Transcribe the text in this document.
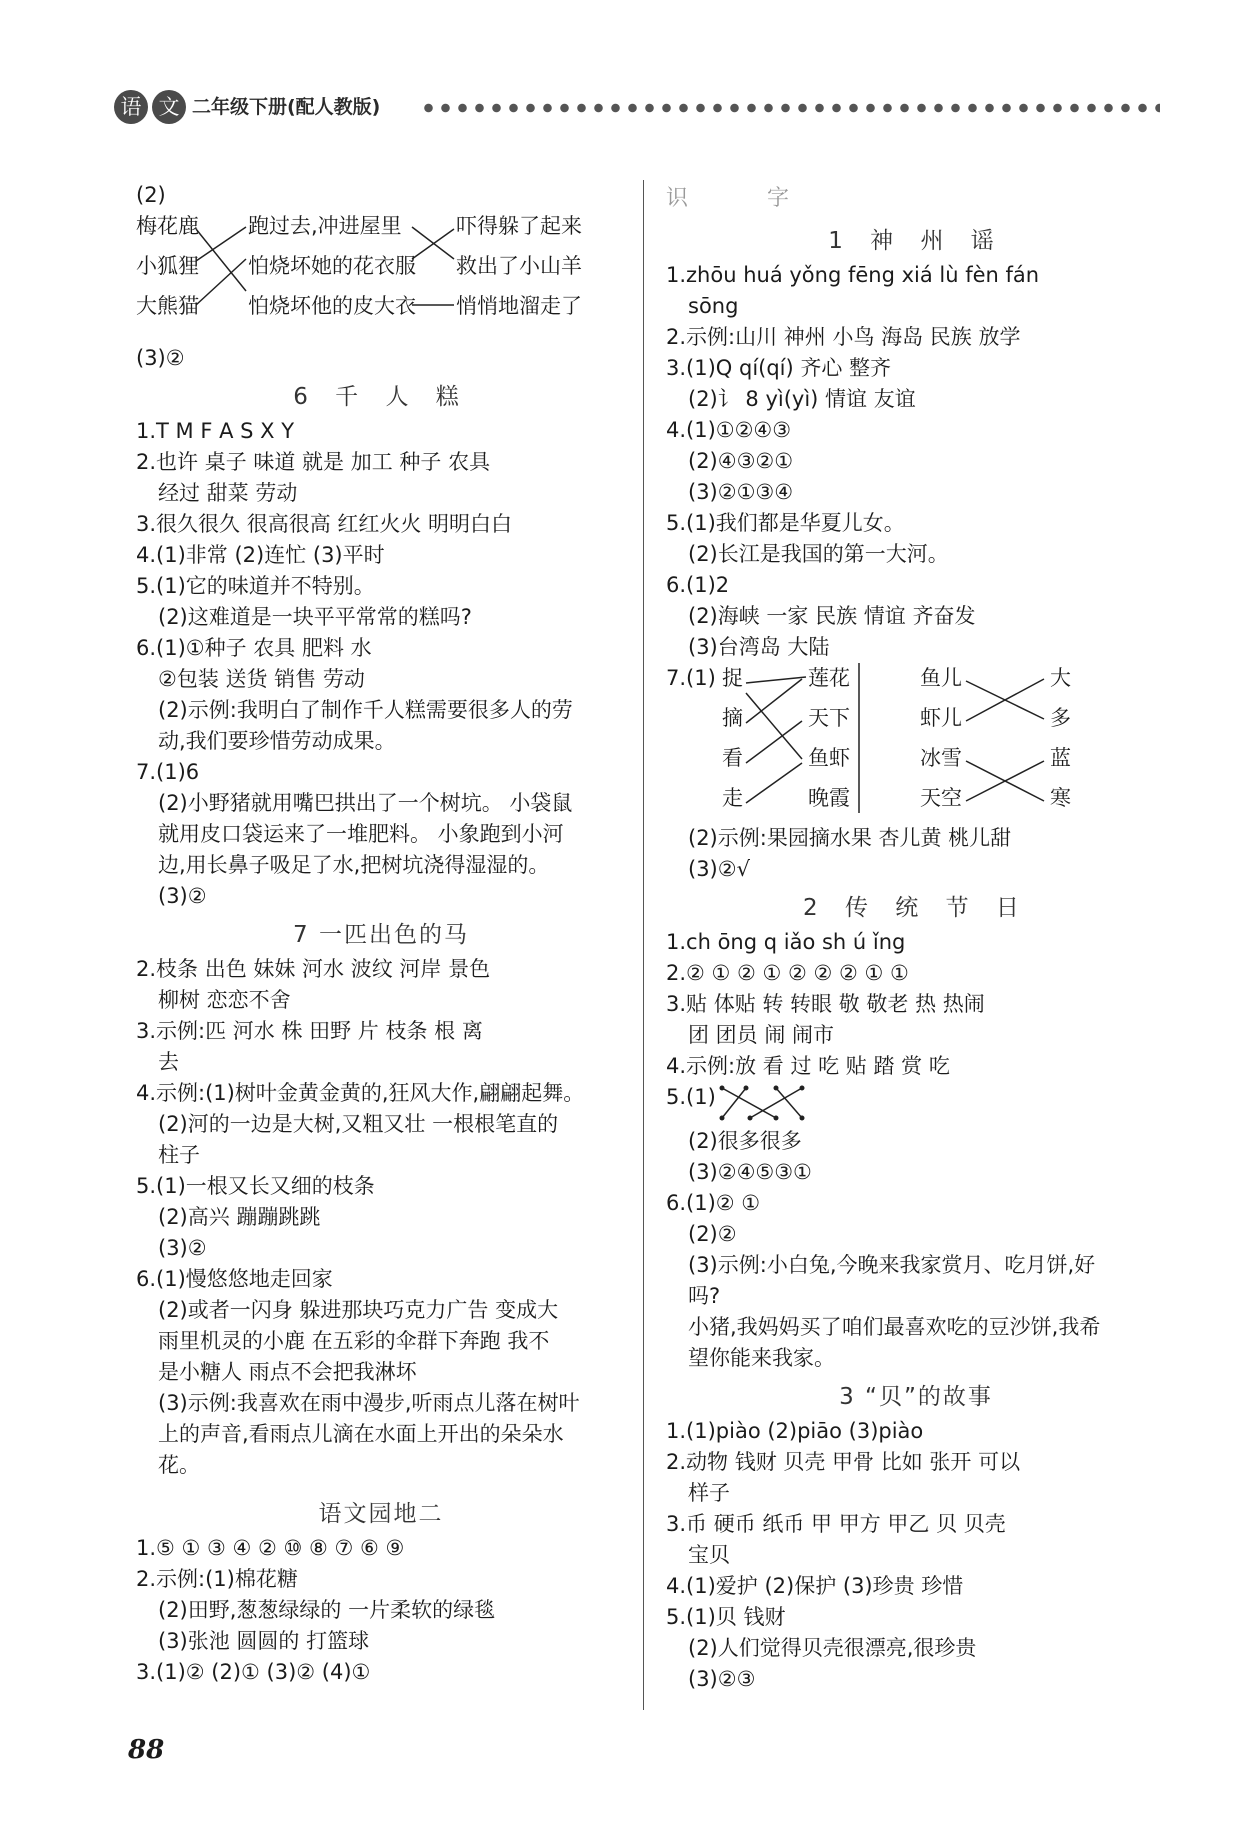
语 文 二年级下册(配人教版)
(2)
梅花鹿
小狐狸
大熊猫
跑过去,冲进屋里
怕烧坏她的花衣服
怕烧坏他的皮大衣
吓得躲了起来
救出了小山羊
悄悄地溜走了
(3)②
6 千 人 糕
1.T M F A S X Y
2.也许 桌子 味道 就是 加工 种子 农具
经过 甜菜 劳动
3.很久很久 很高很高 红红火火 明明白白
4.(1)非常 (2)连忙 (3)平时
5.(1)它的味道并不特别。
(2)这难道是一块平平常常的糕吗?
6.(1)①种子 农具 肥料 水
②包装 送货 销售 劳动
(2)示例:我明白了制作千人糕需要很多人的劳
动,我们要珍惜劳动成果。
7.(1)6
(2)小野猪就用嘴巴拱出了一个树坑。 小袋鼠
就用皮口袋运来了一堆肥料。 小象跑到小河
边,用长鼻子吸足了水,把树坑浇得湿湿的。
(3)②
7 一匹出色的马
2.枝条 出色 妹妹 河水 波纹 河岸 景色
柳树 恋恋不舍
3.示例:匹 河水 株 田野 片 枝条 根 离
去
4.示例:(1)树叶金黄金黄的,狂风大作,翩翩起舞。
(2)河的一边是大树,又粗又壮 一根根笔直的
柱子
5.(1)一根又长又细的枝条
(2)高兴 蹦蹦跳跳
(3)②
6.(1)慢悠悠地走回家
(2)或者一闪身 躲进那块巧克力广告 变成大
雨里机灵的小鹿 在五彩的伞群下奔跑 我不
是小糖人 雨点不会把我淋坏
(3)示例:我喜欢在雨中漫步,听雨点儿落在树叶
上的声音,看雨点儿滴在水面上开出的朵朵水
花。
语文园地二
1.⑤ ① ③ ④ ② ⑩ ⑧ ⑦ ⑥ ⑨
2.示例:(1)棉花糖
(2)田野,葱葱绿绿的 一片柔软的绿毯
(3)张池 圆圆的 打篮球
3.(1)② (2)① (3)② (4)①
识 字
1 神 州 谣
1.zhōu huá yǒng fēng xiá lù fèn fán
sōng
2.示例:山川 神州 小鸟 海岛 民族 放学
3.(1)Q qí(qí) 齐心 整齐
(2)讠 8 yì(yì) 情谊 友谊
4.(1)①②④③
(2)④③②①
(3)②①③④
5.(1)我们都是华夏儿女。
(2)长江是我国的第一大河。
6.(1)2
(2)海峡 一家 民族 情谊 齐奋发
(3)台湾岛 大陆
7.(1) 捉
摘
看
走
莲花
天下
鱼虾
晚霞
鱼儿
虾儿
冰雪
天空
大
多
蓝
寒
(2)示例:果园摘水果 杏儿黄 桃儿甜
(3)②√
2 传 统 节 日
1.ch ōng q iǎo sh ú ǐng
2.② ① ② ① ② ② ② ① ①
3.贴 体贴 转 转眼 敬 敬老 热 热闹
团 团员 闹 闹市
4.示例:放 看 过 吃 贴 踏 赏 吃
5.(1)
(2)很多很多
(3)②④⑤③①
6.(1)② ①
(2)②
(3)示例:小白兔,今晚来我家赏月、吃月饼,好
吗?
小猪,我妈妈买了咱们最喜欢吃的豆沙饼,我希
望你能来我家。
3 “贝”的故事
1.(1)piào (2)piāo (3)piào
2.动物 钱财 贝壳 甲骨 比如 张开 可以
样子
3.币 硬币 纸币 甲 甲方 甲乙 贝 贝壳
宝贝
4.(1)爱护 (2)保护 (3)珍贵 珍惜
5.(1)贝 钱财
(2)人们觉得贝壳很漂亮,很珍贵
(3)②③
88
